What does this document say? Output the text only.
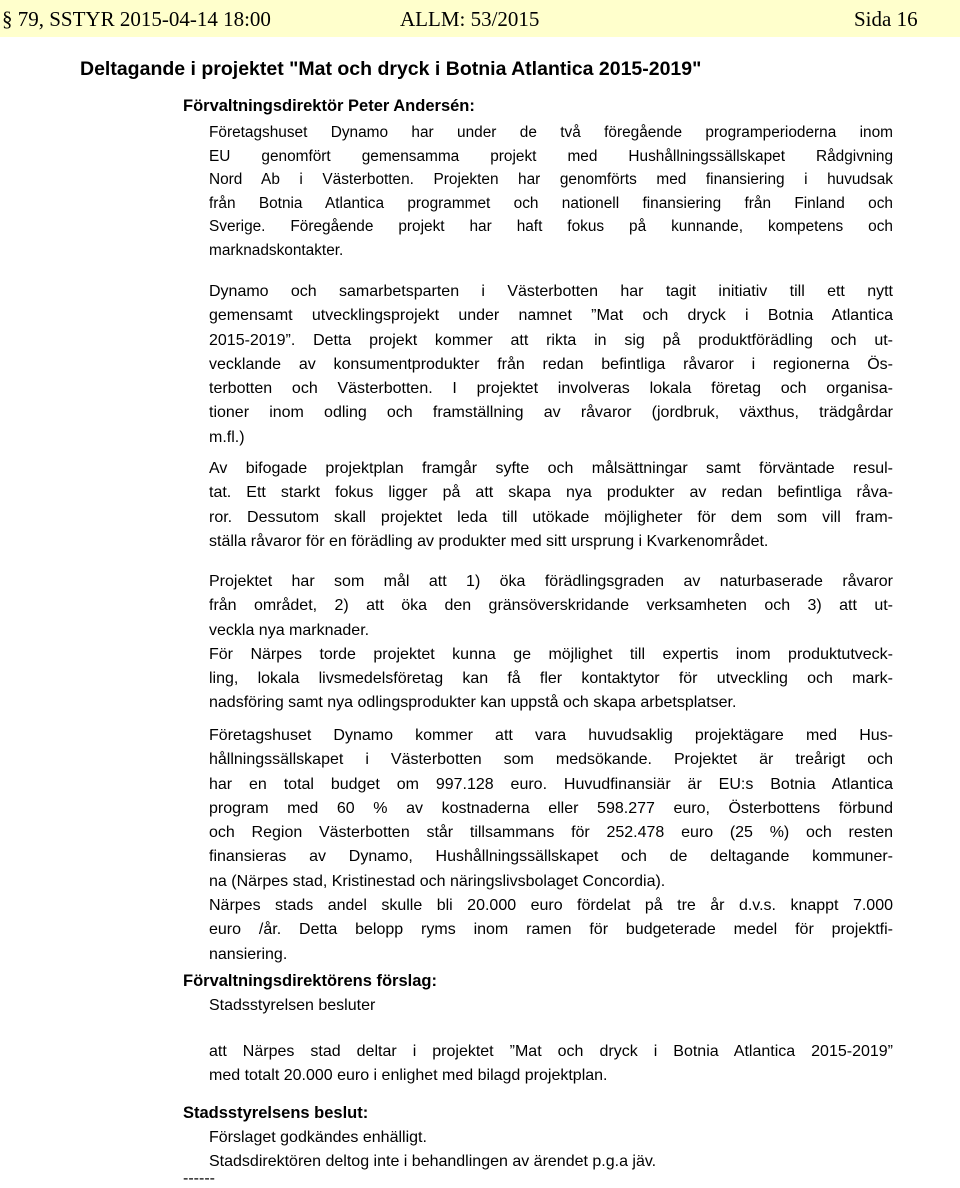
§ 79, SSTYR 2015-04-14 18:00	ALLM: 53/2015	Sida 16
Deltagande i projektet "Mat och dryck i Botnia Atlantica 2015-2019"
Förvaltningsdirektör Peter Andersén:
Företagshuset Dynamo har under de två föregående programperioderna inom
EU genomfört gemensamma projekt med Hushållningssällskapet Rådgivning
Nord Ab i Västerbotten. Projekten har genomförts med finansiering i huvudsak
från Botnia Atlantica programmet och nationell finansiering från Finland och
Sverige. Föregående projekt har haft fokus på kunnande, kompetens och
marknadskontakter.
Dynamo och samarbetsparten i Västerbotten har tagit initiativ till ett nytt
gemensamt utvecklingsprojekt under namnet ”Mat och dryck i Botnia Atlantica
2015-2019”. Detta projekt kommer att rikta in sig på produktförädling och ut-
vecklande av konsumentprodukter från redan befintliga råvaror i regionerna Ös-
terbotten och Västerbotten. I projektet involveras lokala företag och organisa-
tioner inom odling och framställning av råvaror (jordbruk, växthus, trädgårdar
m.fl.)
Av bifogade projektplan framgår syfte och målsättningar samt förväntade resul-
tat. Ett starkt fokus ligger på att skapa nya produkter av redan befintliga råva-
ror. Dessutom skall projektet leda till utökade möjligheter för dem som vill fram-
ställa råvaror för en förädling av produkter med sitt ursprung i Kvarkenområdet.
Projektet har som mål att 1) öka förädlingsgraden av naturbaserade råvaror
från området, 2) att öka den gränsöverskridande verksamheten och 3) att ut-
veckla nya marknader.
För Närpes torde projektet kunna ge möjlighet till expertis inom produktutveck-
ling, lokala livsmedelsföretag kan få fler kontaktytor för utveckling och mark-
nadsföring samt nya odlingsprodukter kan uppstå och skapa arbetsplatser.
Företagshuset Dynamo kommer att vara huvudsaklig projektägare med Hus-
hållningssällskapet i Västerbotten som medsökande. Projektet är treårigt och
har en total budget om 997.128 euro. Huvudfinansiär är EU:s Botnia Atlantica
program med 60 % av kostnaderna eller 598.277 euro, Österbottens förbund
och Region Västerbotten står tillsammans för 252.478 euro (25 %) och resten
finansieras av Dynamo, Hushållningssällskapet och de deltagande kommuner-
na (Närpes stad, Kristinestad och näringslivsbolaget Concordia).
Närpes stads andel skulle bli 20.000 euro fördelat på tre år d.v.s. knappt 7.000
euro /år. Detta belopp ryms inom ramen för budgeterade medel för projektfi-
nansiering.
Förvaltningsdirektörens förslag:
Stadsstyrelsen besluter
att Närpes stad deltar i projektet ”Mat och dryck i Botnia Atlantica 2015-2019”
med totalt 20.000 euro i enlighet med bilagd projektplan.
Stadsstyrelsens beslut:
Förslaget godkändes enhälligt.
Stadsdirektören deltog inte i behandlingen av ärendet p.g.a jäv.
------
